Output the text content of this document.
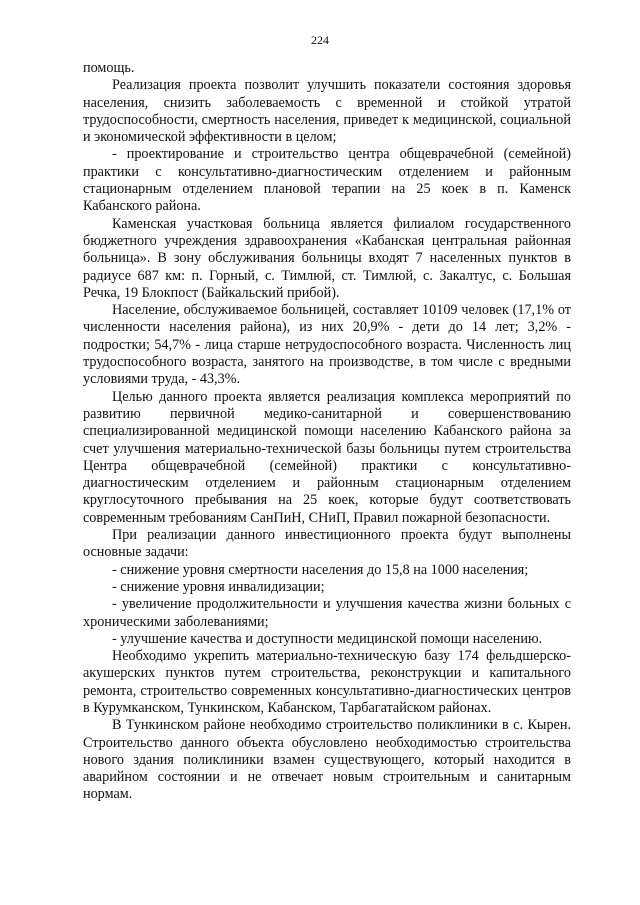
224

помощь.

Реализация проекта позволит улучшить показатели состояния здоровья населения, снизить заболеваемость с временной и стойкой утратой трудоспособности, смертность населения, приведет к медицинской, социальной и экономической эффективности в целом;

- проектирование и строительство центра общеврачебной (семейной) практики с консультативно-диагностическим отделением и районным стационарным отделением плановой терапии на 25 коек в п. Каменск Кабанского района.

Каменская участковая больница является филиалом государственного бюджетного учреждения здравоохранения «Кабанская центральная районная больница». В зону обслуживания больницы входят 7 населенных пунктов в радиусе 687 км: п. Горный, с. Тимлюй, ст. Тимлюй, с. Закалтус, с. Большая Речка, 19 Блокпост (Байкальский прибой).

Население, обслуживаемое больницей, составляет 10109 человек (17,1% от численности населения района), из них 20,9% - дети до 14 лет; 3,2% - подростки; 54,7% - лица старше нетрудоспособного возраста. Численность лиц трудоспособного возраста, занятого на производстве, в том числе с вредными условиями труда, - 43,3%.

Целью данного проекта является реализация комплекса мероприятий по развитию первичной медико-санитарной и совершенствованию специализированной медицинской помощи населению Кабанского района за счет улучшения материально-технической базы больницы путем строительства Центра общеврачебной (семейной) практики с консультативно-диагностическим отделением и районным стационарным отделением круглосуточного пребывания на 25 коек, которые будут соответствовать современным требованиям СанПиН, СНиП, Правил пожарной безопасности.

При реализации данного инвестиционного проекта будут выполнены основные задачи:

- снижение уровня смертности населения до 15,8 на 1000 населения;

- снижение уровня инвалидизации;

- увеличение продолжительности и улучшения качества жизни больных с хроническими заболеваниями;

- улучшение качества и доступности медицинской помощи населению.

Необходимо укрепить материально-техническую базу 174 фельдшерско-акушерских пунктов путем строительства, реконструкции и капитального ремонта, строительство современных консультативно-диагностических центров в Курумканском, Тункинском, Кабанском, Тарбагатайском районах.

В Тункинском районе необходимо строительство поликлиники в с. Кырен. Строительство данного объекта обусловлено необходимостью строительства нового здания поликлиники взамен существующего, который находится в аварийном состоянии и не отвечает новым строительным и санитарным нормам.
